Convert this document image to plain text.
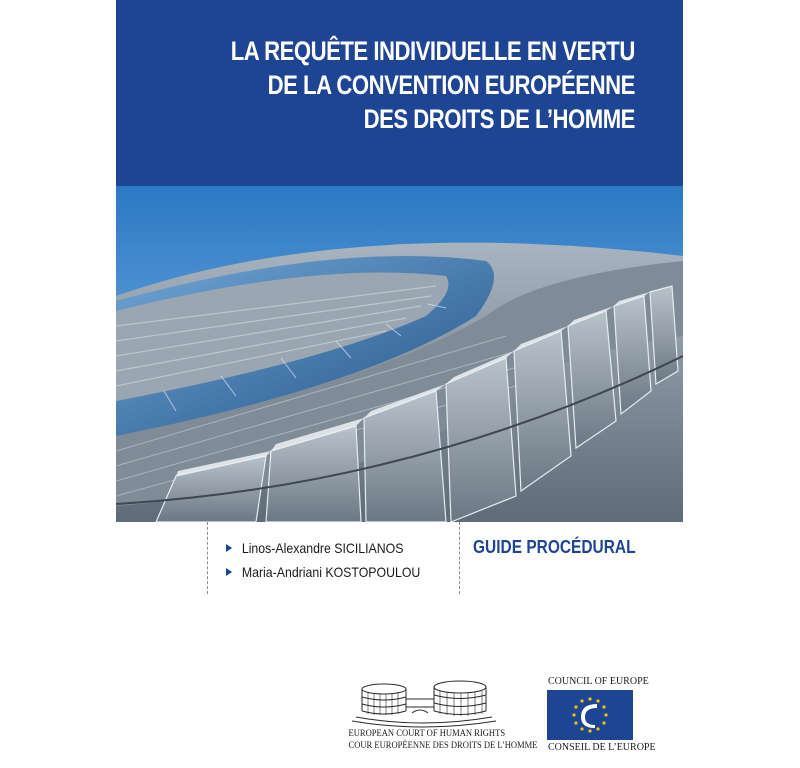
LA REQUÊTE INDIVIDUELLE EN VERTU
DE LA CONVENTION EUROPÉENNE
DES DROITS DE L’HOMME
Linos-Alexandre SICILIANOS
Maria-Andriani KOSTOPOULOU
GUIDE PROCÉDURAL
EUROPEAN COURT OF HUMAN RIGHTS
COUR EUROPÉENNE DES DROITS DE L’HOMME
COUNCIL OF EUROPE
CONSEIL DE L’EUROPE
